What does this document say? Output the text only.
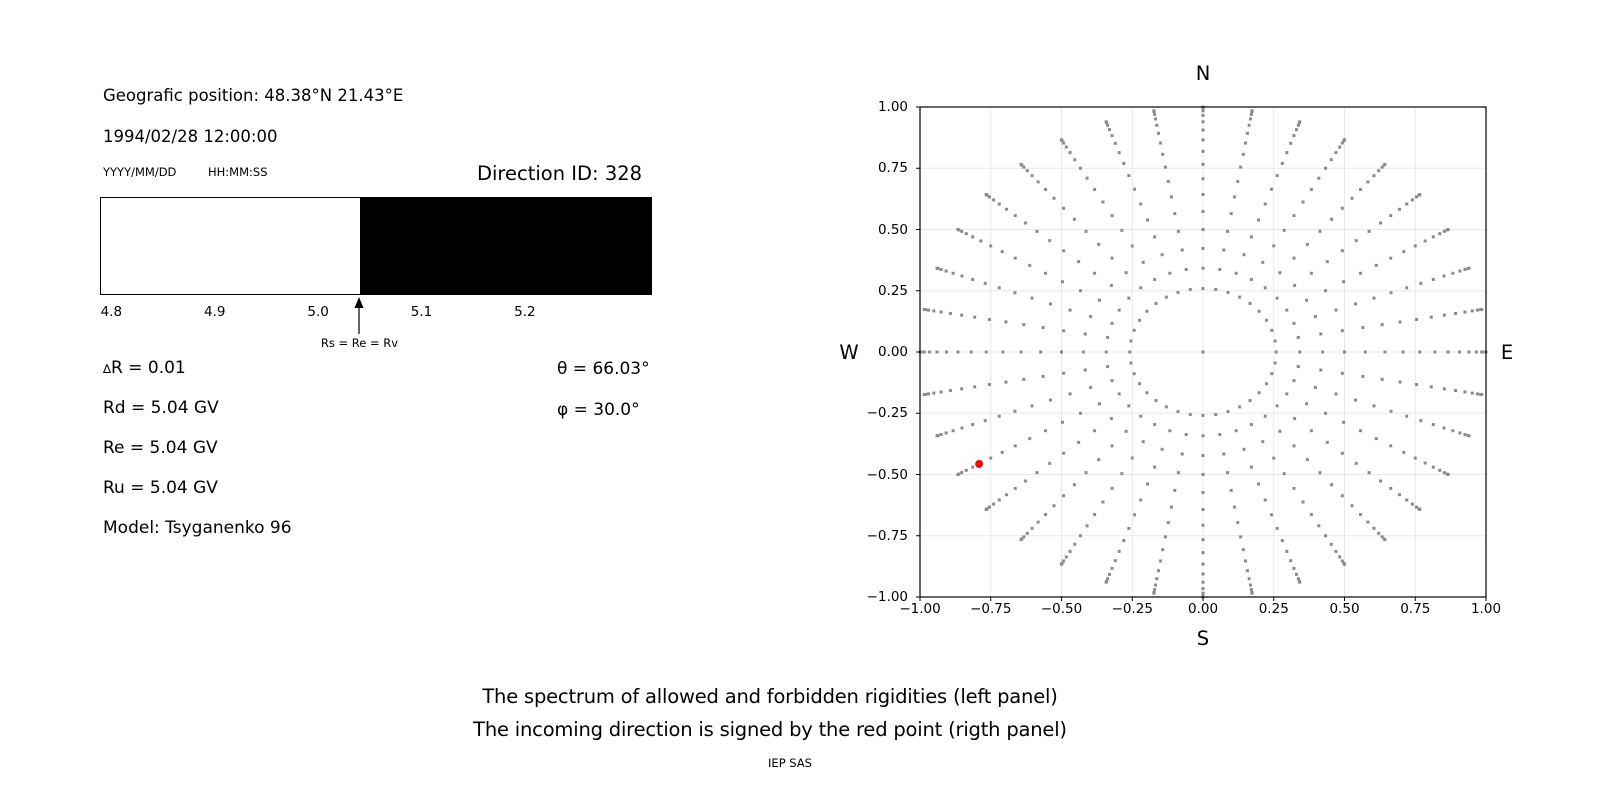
Geografic position: 48.38°N 21.43°E
1994/02/28 12:00:00
YYYY/MM/DD	HH:MM:SS	Direction ID: 328
4.8	4.9	5.0	5.1	5.2
Rs = Re = Rv
∆R = 0.01
Rd = 5.04 GV
Re = 5.04 GV
Ru = 5.04 GV
Model: Tsyganenko 96
θ = 66.03°
φ = 30.0°
N
S
W	E
−1.00 −0.75 −0.50 −0.25	0.00	0.25	0.50	0.75	1.00
1.00
0.75
0.50
0.25
0.00
−0.25
−0.50
−0.75
−1.00
The spectrum of allowed and forbidden rigidities (left panel)
The incoming direction is signed by the red point (rigth panel)
IEP SAS
